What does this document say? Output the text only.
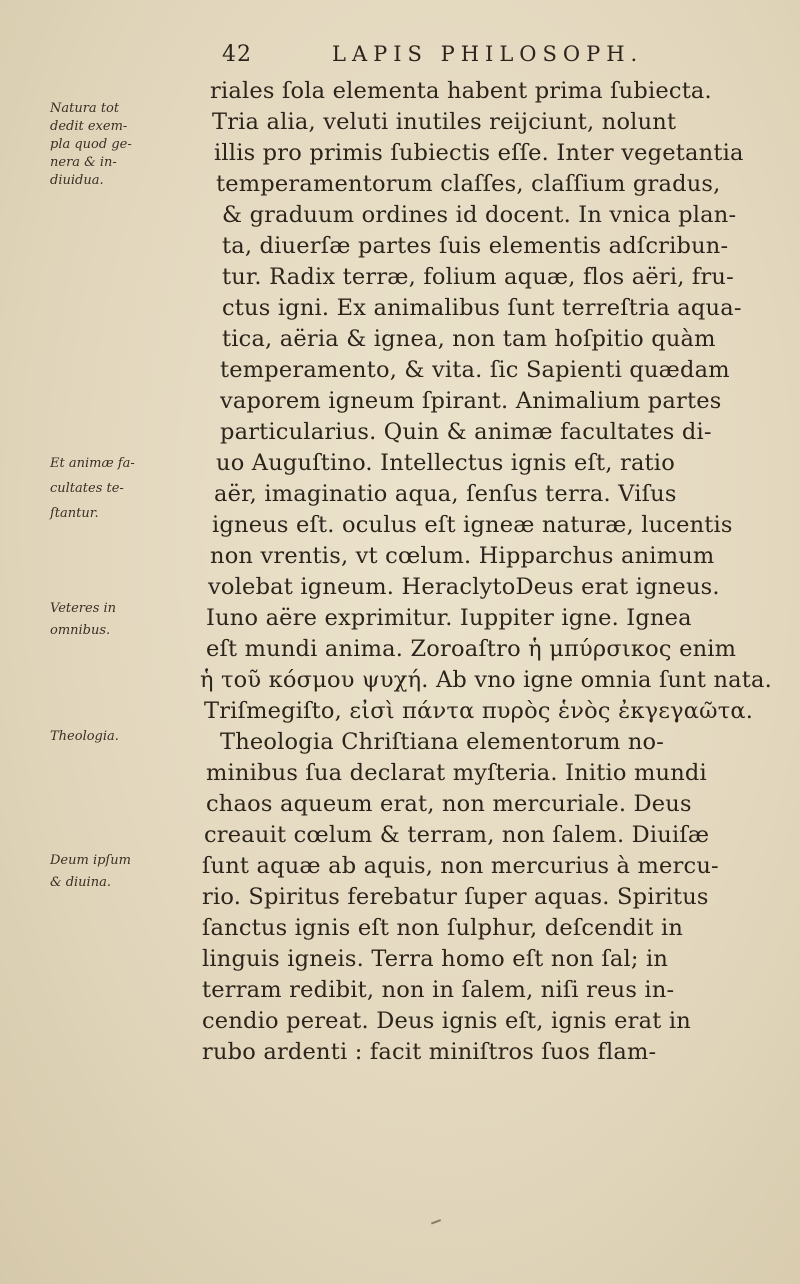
42	LAPIS PHILOSOPH.
riales ſola elementa habent prima ſubiecta.
Tria alia, veluti inutiles reijciunt, nolunt
illis pro primis ſubiectis eſſe. Inter vegetantia
temperamentorum claſſes, claſſium gradus,
& graduum ordines id docent. In vnica plan-
ta, diuerſæ partes ſuis elementis adſcribun-
tur. Radix terræ, folium aquæ, flos aëri, fru-
ctus igni. Ex animalibus ſunt terreſtria aqua-
tica, aëria & ignea, non tam hoſpitio quàm
temperamento, & vita. ſic Sapienti quædam
vaporem igneum ſpirant. Animalium partes
particularius. Quin & animæ facultates di-
uo Auguſtino. Intellectus ignis eſt, ratio
aër, imaginatio aqua, ſenſus terra. Viſus
igneus eſt. oculus eſt igneæ naturæ, lucentis
non vrentis, vt cœlum. Hipparchus animum
volebat igneum. HeraclytoDeus erat igneus.
Iuno aëre exprimitur. Iuppiter igne. Ignea
eſt mundi anima. Zoroaſtro ἡ μπύρσικος enim
ἡ τοῦ κόσμου ψυχή. Ab vno igne omnia ſunt nata.
Triſmegiſto, εἰσὶ πάντα πυρὸς ἑνὸς ἐκγεγαῶτα.
Theologia Chriſtiana elementorum no-
minibus ſua declarat myſteria. Initio mundi
chaos aqueum erat, non mercuriale. Deus
creauit cœlum & terram, non ſalem. Diuiſæ
ſunt aquæ ab aquis, non mercurius à mercu-
rio. Spiritus ferebatur ſuper aquas. Spiritus
ſanctus ignis eſt non ſulphur, deſcendit in
linguis igneis. Terra homo eſt non ſal; in
terram redibit, non in ſalem, niſi reus in-
cendio pereat. Deus ignis eſt, ignis erat in
rubo ardenti : facit miniſtros ſuos flam-
Natura tot
dedit exem-
pla quod ge-
nera & in-
diuidua.
Et animæ fa-
cultates te-
ſtantur.
Veteres in
omnibus.
Theologia.
Deum ipſum
& diuina.
